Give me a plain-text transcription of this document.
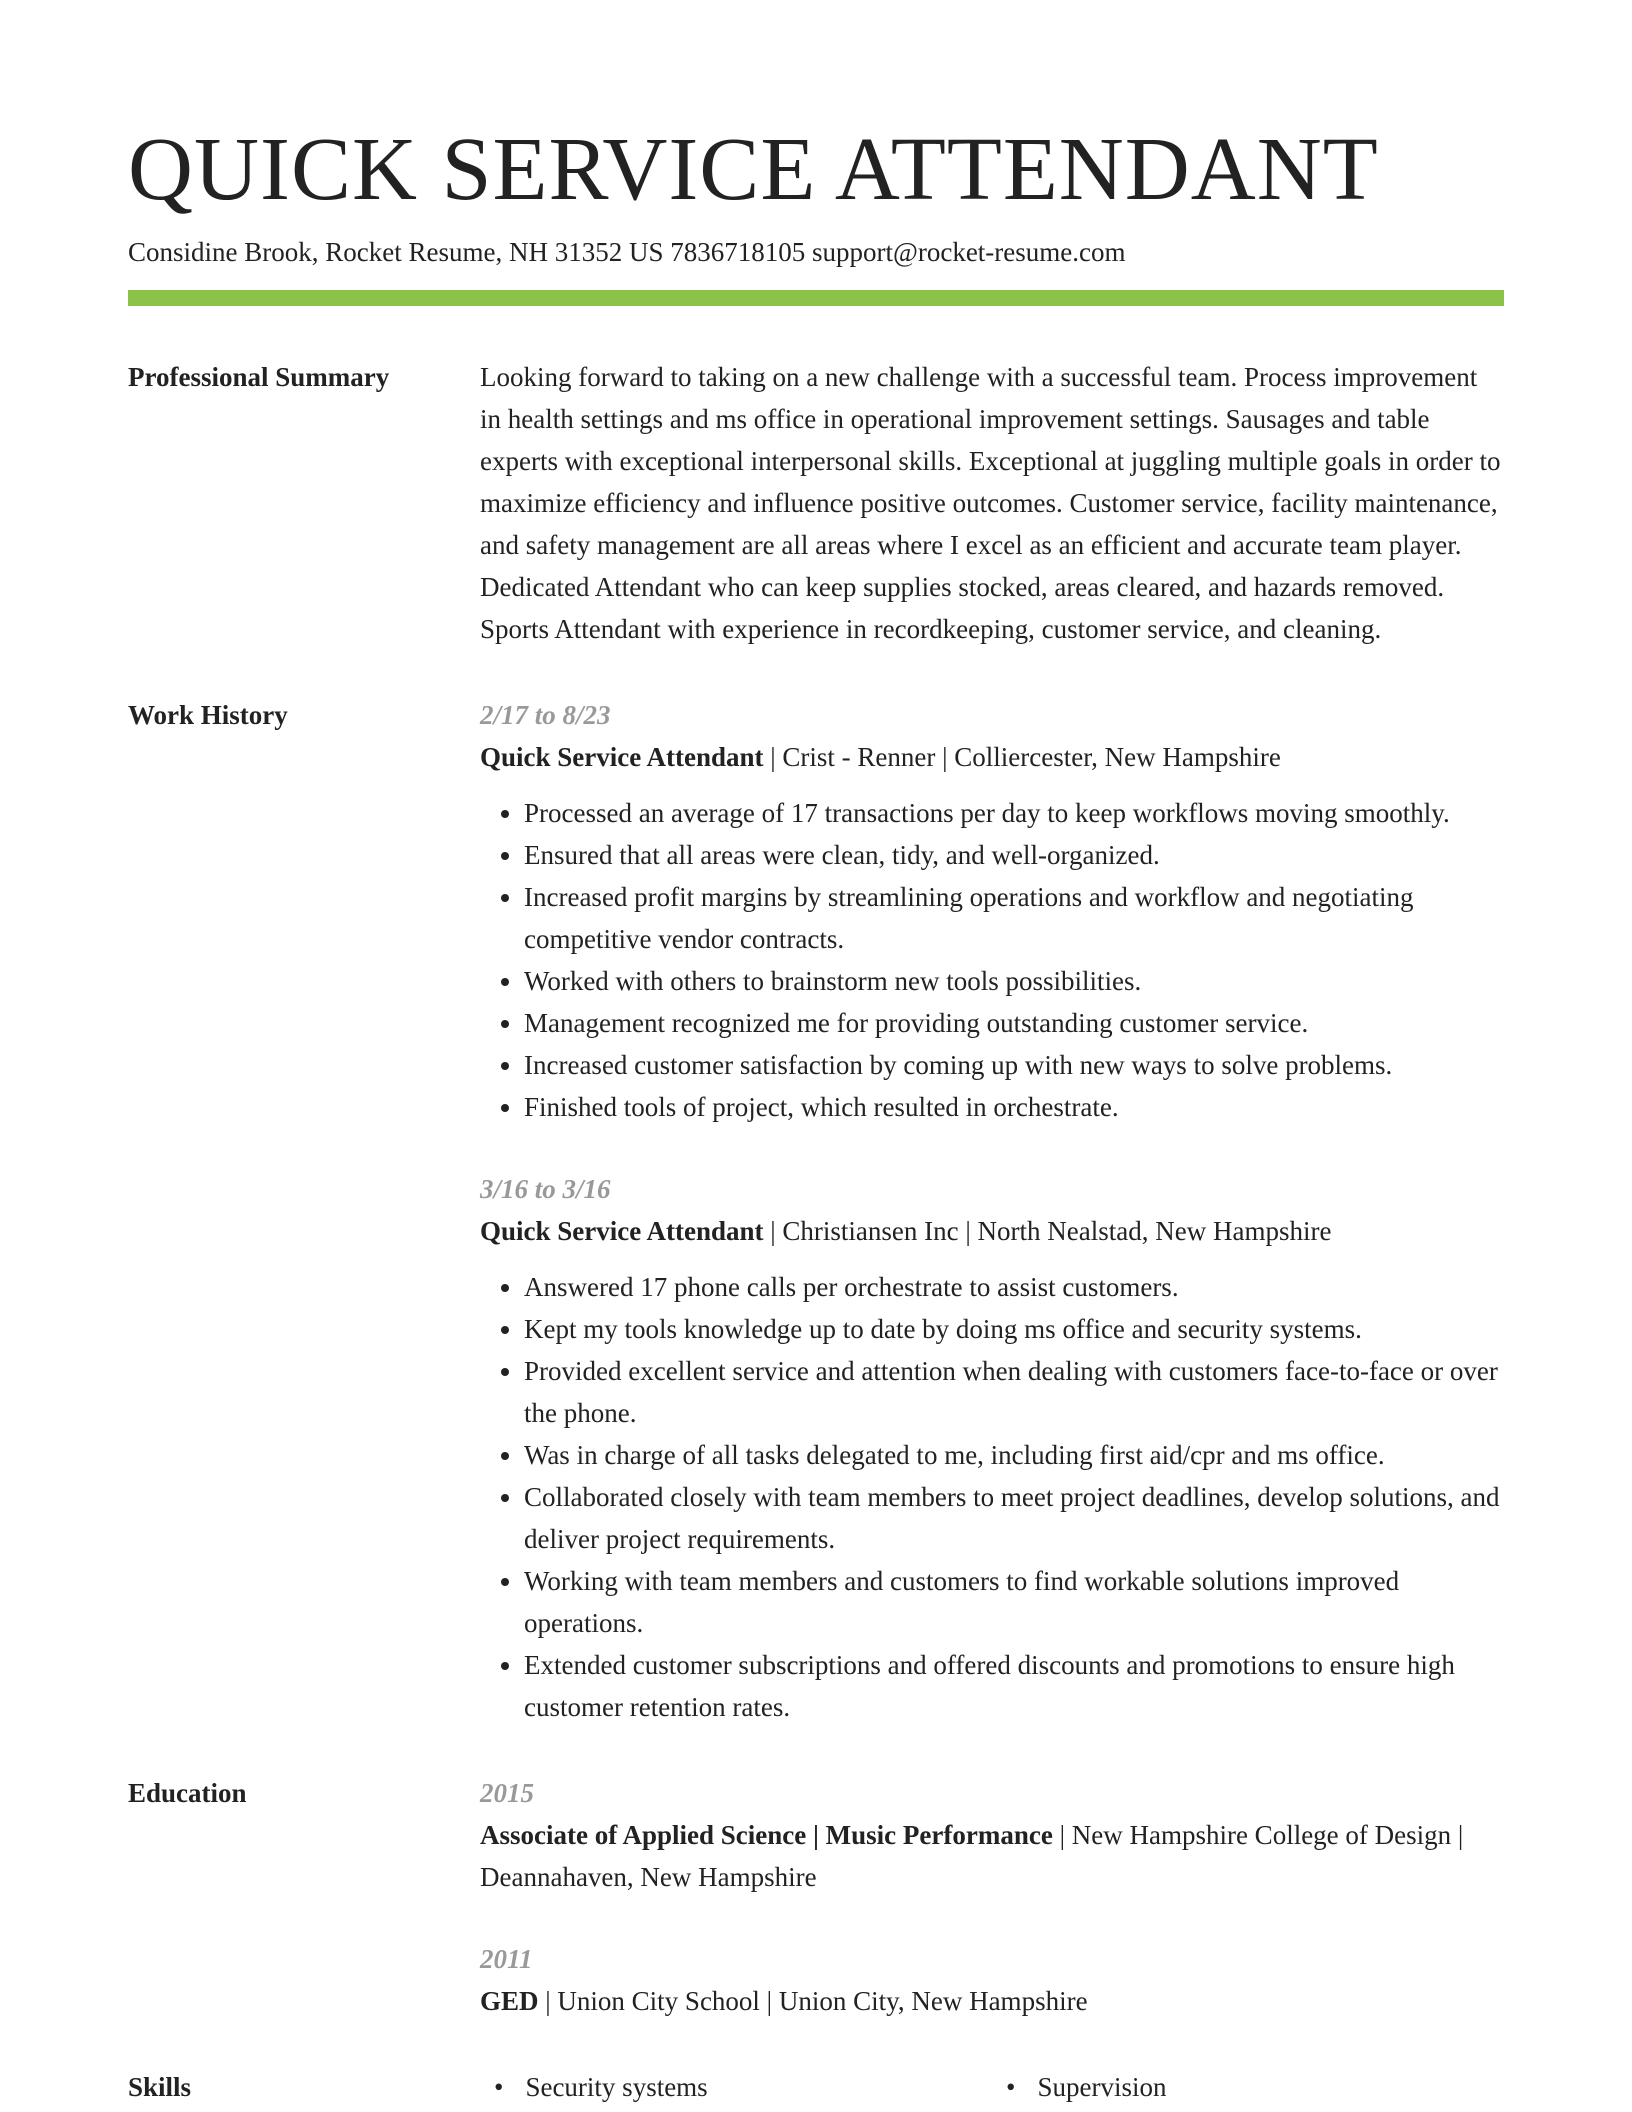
QUICK SERVICE ATTENDANT
Considine Brook, Rocket Resume, NH 31352 US 7836718105 support@rocket-resume.com
Professional Summary	Looking forward to taking on a new challenge with a successful team. Process improvement in health settings and ms office in operational improvement settings. Sausages and table experts with exceptional interpersonal skills. Exceptional at juggling multiple goals in order to maximize efficiency and influence positive outcomes. Customer service, facility maintenance, and safety management are all areas where I excel as an efficient and accurate team player. Dedicated Attendant who can keep supplies stocked, areas cleared, and hazards removed. Sports Attendant with experience in recordkeeping, customer service, and cleaning.
Work History	2/17 to 8/23
Quick Service Attendant | Crist - Renner | Colliercester, New Hampshire
• Processed an average of 17 transactions per day to keep workflows moving smoothly.
• Ensured that all areas were clean, tidy, and well-organized.
• Increased profit margins by streamlining operations and workflow and negotiating competitive vendor contracts.
• Worked with others to brainstorm new tools possibilities.
• Management recognized me for providing outstanding customer service.
• Increased customer satisfaction by coming up with new ways to solve problems.
• Finished tools of project, which resulted in orchestrate.
3/16 to 3/16
Quick Service Attendant | Christiansen Inc | North Nealstad, New Hampshire
• Answered 17 phone calls per orchestrate to assist customers.
• Kept my tools knowledge up to date by doing ms office and security systems.
• Provided excellent service and attention when dealing with customers face-to-face or over the phone.
• Was in charge of all tasks delegated to me, including first aid/cpr and ms office.
• Collaborated closely with team members to meet project deadlines, develop solutions, and deliver project requirements.
• Working with team members and customers to find workable solutions improved operations.
• Extended customer subscriptions and offered discounts and promotions to ensure high customer retention rates.
Education	2015
Associate of Applied Science | Music Performance | New Hampshire College of Design | Deannahaven, New Hampshire
2011
GED | Union City School | Union City, New Hampshire
Skills	• Security systems	• Supervision
